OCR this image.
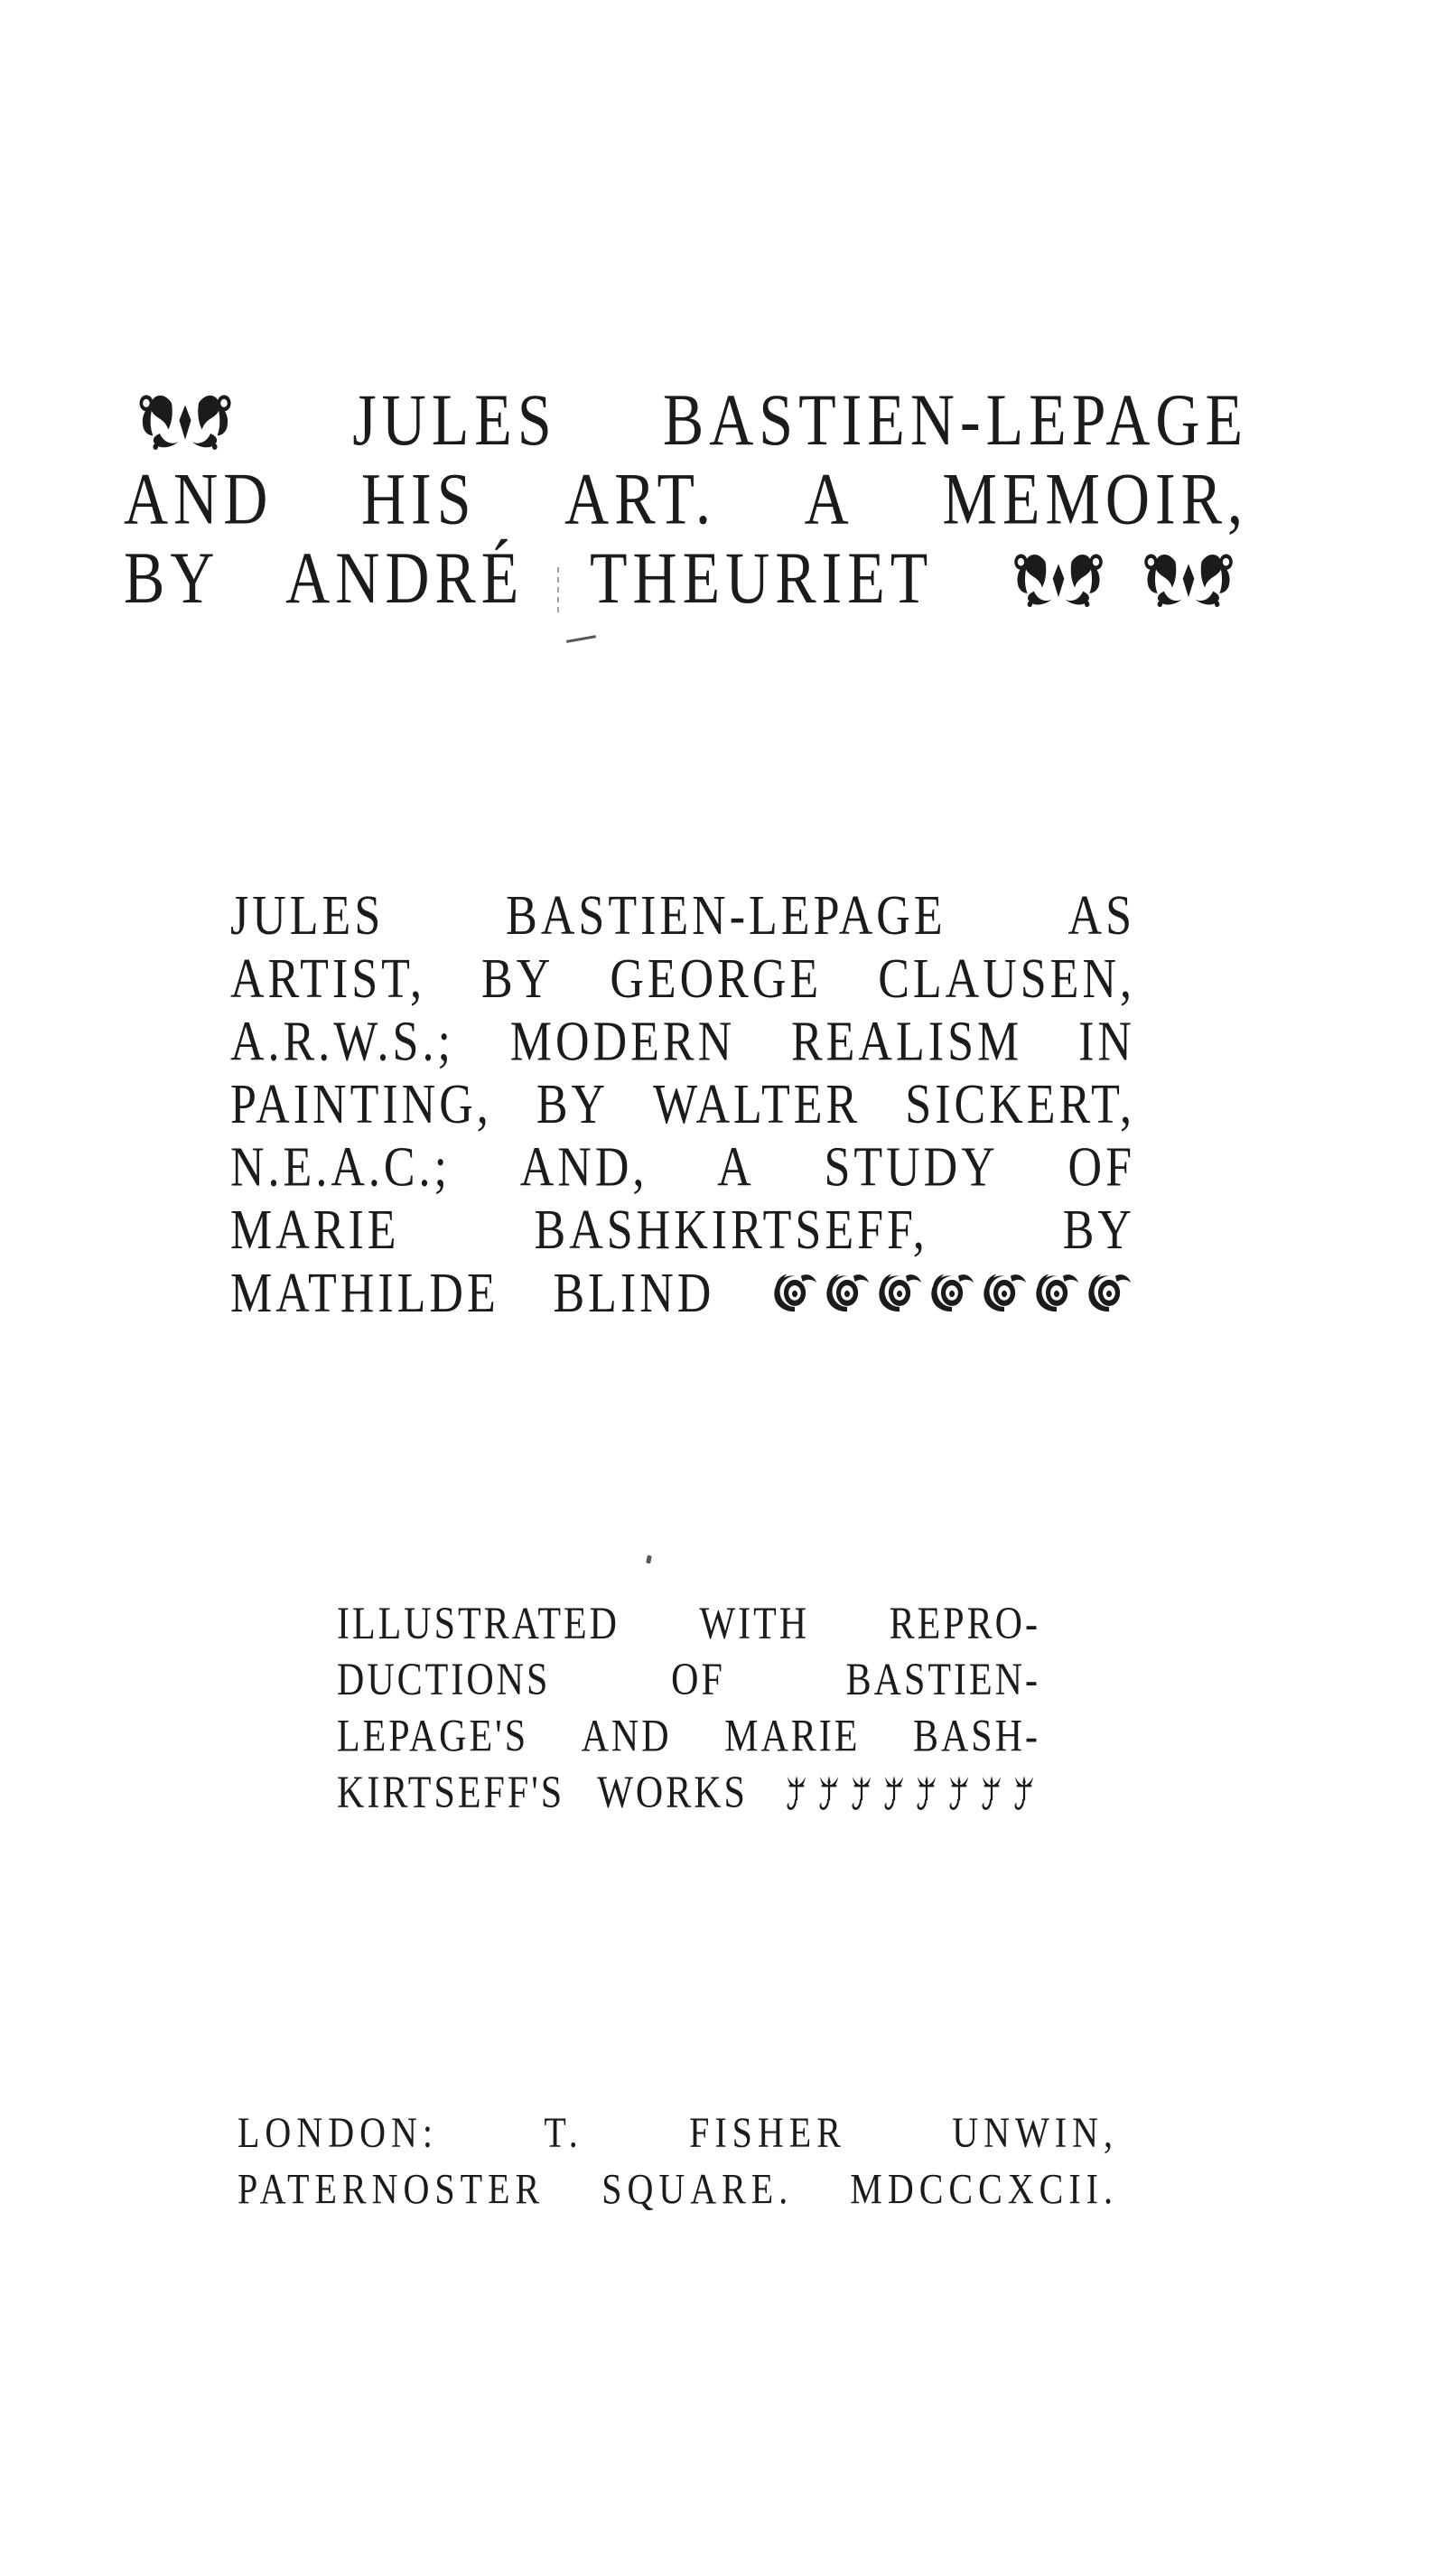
JULES BASTIEN-LEPAGE
AND HIS ART. A MEMOIR,
BY ANDRÉ THEURIET
JULES	BASTIEN-LEPAGE	AS
ARTIST, BY GEORGE CLAUSEN,
A.R.W.S.; MODERN REALISM IN
PAINTING, BY WALTER SICKERT,
N.E.A.C.; AND, A STUDY OF
MARIE	BASHKIRTSEFF,	BY
MATHILDE BLIND
ILLUSTRATED WITH REPRO-
DUCTIONS	OF	BASTIEN-
LEPAGE'S AND MARIE BASH-
KIRTSEFF'S WORKS
LONDON:	T.	FISHER	UNWIN,
PATERNOSTER SQUARE. MDCCCXCII.
